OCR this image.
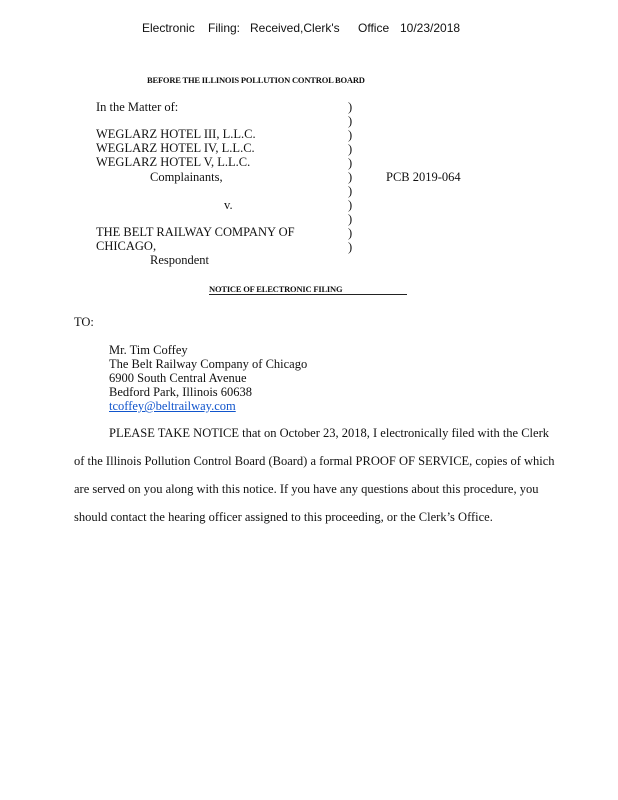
Electronic Filing: Received,Clerk's Office 10/23/2018
BEFORE THE ILLINOIS POLLUTION CONTROL BOARD
In the Matter of:
WEGLARZ HOTEL III, L.L.C.
WEGLARZ HOTEL IV, L.L.C.
WEGLARZ HOTEL V, L.L.C.
Complainants,
v.
THE BELT RAILWAY COMPANY OF
CHICAGO,
Respondent
)
)
)
)
)
)
)
)
)
)
)
PCB 2019-064
NOTICE OF ELECTRONIC FILING
TO:
Mr. Tim Coffey
The Belt Railway Company of Chicago
6900 South Central Avenue
Bedford Park, Illinois 60638
tcoffey@beltrailway.com
PLEASE TAKE NOTICE that on October 23, 2018, I electronically filed with the Clerk
of the Illinois Pollution Control Board (Board) a formal PROOF OF SERVICE, copies of which
are served on you along with this notice. If you have any questions about this procedure, you
should contact the hearing officer assigned to this proceeding, or the Clerk’s Office.
